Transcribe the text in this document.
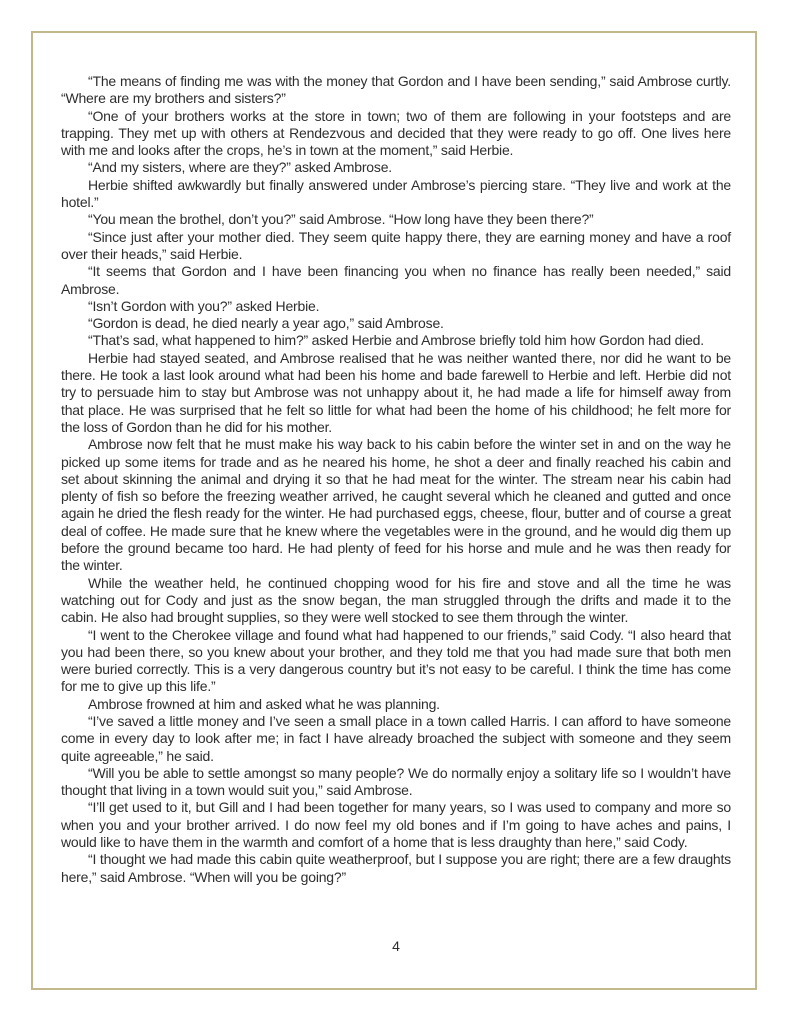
“The means of finding me was with the money that Gordon and I have been sending,” said Ambrose curtly. “Where are my brothers and sisters?”

“One of your brothers works at the store in town; two of them are following in your footsteps and are trapping. They met up with others at Rendezvous and decided that they were ready to go off. One lives here with me and looks after the crops, he’s in town at the moment,” said Herbie.

“And my sisters, where are they?” asked Ambrose.

Herbie shifted awkwardly but finally answered under Ambrose’s piercing stare. “They live and work at the hotel.”

“You mean the brothel, don’t you?” said Ambrose. “How long have they been there?”

“Since just after your mother died. They seem quite happy there, they are earning money and have a roof over their heads,” said Herbie.

“It seems that Gordon and I have been financing you when no finance has really been needed,” said Ambrose.

“Isn’t Gordon with you?” asked Herbie.

“Gordon is dead, he died nearly a year ago,” said Ambrose.

“That’s sad, what happened to him?” asked Herbie and Ambrose briefly told him how Gordon had died.

Herbie had stayed seated, and Ambrose realised that he was neither wanted there, nor did he want to be there. He took a last look around what had been his home and bade farewell to Herbie and left. Herbie did not try to persuade him to stay but Ambrose was not unhappy about it, he had made a life for himself away from that place. He was surprised that he felt so little for what had been the home of his childhood; he felt more for the loss of Gordon than he did for his mother.

Ambrose now felt that he must make his way back to his cabin before the winter set in and on the way he picked up some items for trade and as he neared his home, he shot a deer and finally reached his cabin and set about skinning the animal and drying it so that he had meat for the winter. The stream near his cabin had plenty of fish so before the freezing weather arrived, he caught several which he cleaned and gutted and once again he dried the flesh ready for the winter. He had purchased eggs, cheese, flour, butter and of course a great deal of coffee. He made sure that he knew where the vegetables were in the ground, and he would dig them up before the ground became too hard. He had plenty of feed for his horse and mule and he was then ready for the winter.

While the weather held, he continued chopping wood for his fire and stove and all the time he was watching out for Cody and just as the snow began, the man struggled through the drifts and made it to the cabin. He also had brought supplies, so they were well stocked to see them through the winter.

“I went to the Cherokee village and found what had happened to our friends,” said Cody. “I also heard that you had been there, so you knew about your brother, and they told me that you had made sure that both men were buried correctly. This is a very dangerous country but it’s not easy to be careful. I think the time has come for me to give up this life.”

Ambrose frowned at him and asked what he was planning.

“I’ve saved a little money and I’ve seen a small place in a town called Harris. I can afford to have someone come in every day to look after me; in fact I have already broached the subject with someone and they seem quite agreeable,” he said.

“Will you be able to settle amongst so many people? We do normally enjoy a solitary life so I wouldn’t have thought that living in a town would suit you,” said Ambrose.

“I’ll get used to it, but Gill and I had been together for many years, so I was used to company and more so when you and your brother arrived. I do now feel my old bones and if I’m going to have aches and pains, I would like to have them in the warmth and comfort of a home that is less draughty than here,” said Cody.

“I thought we had made this cabin quite weatherproof, but I suppose you are right; there are a few draughts here,” said Ambrose. “When will you be going?”

4
